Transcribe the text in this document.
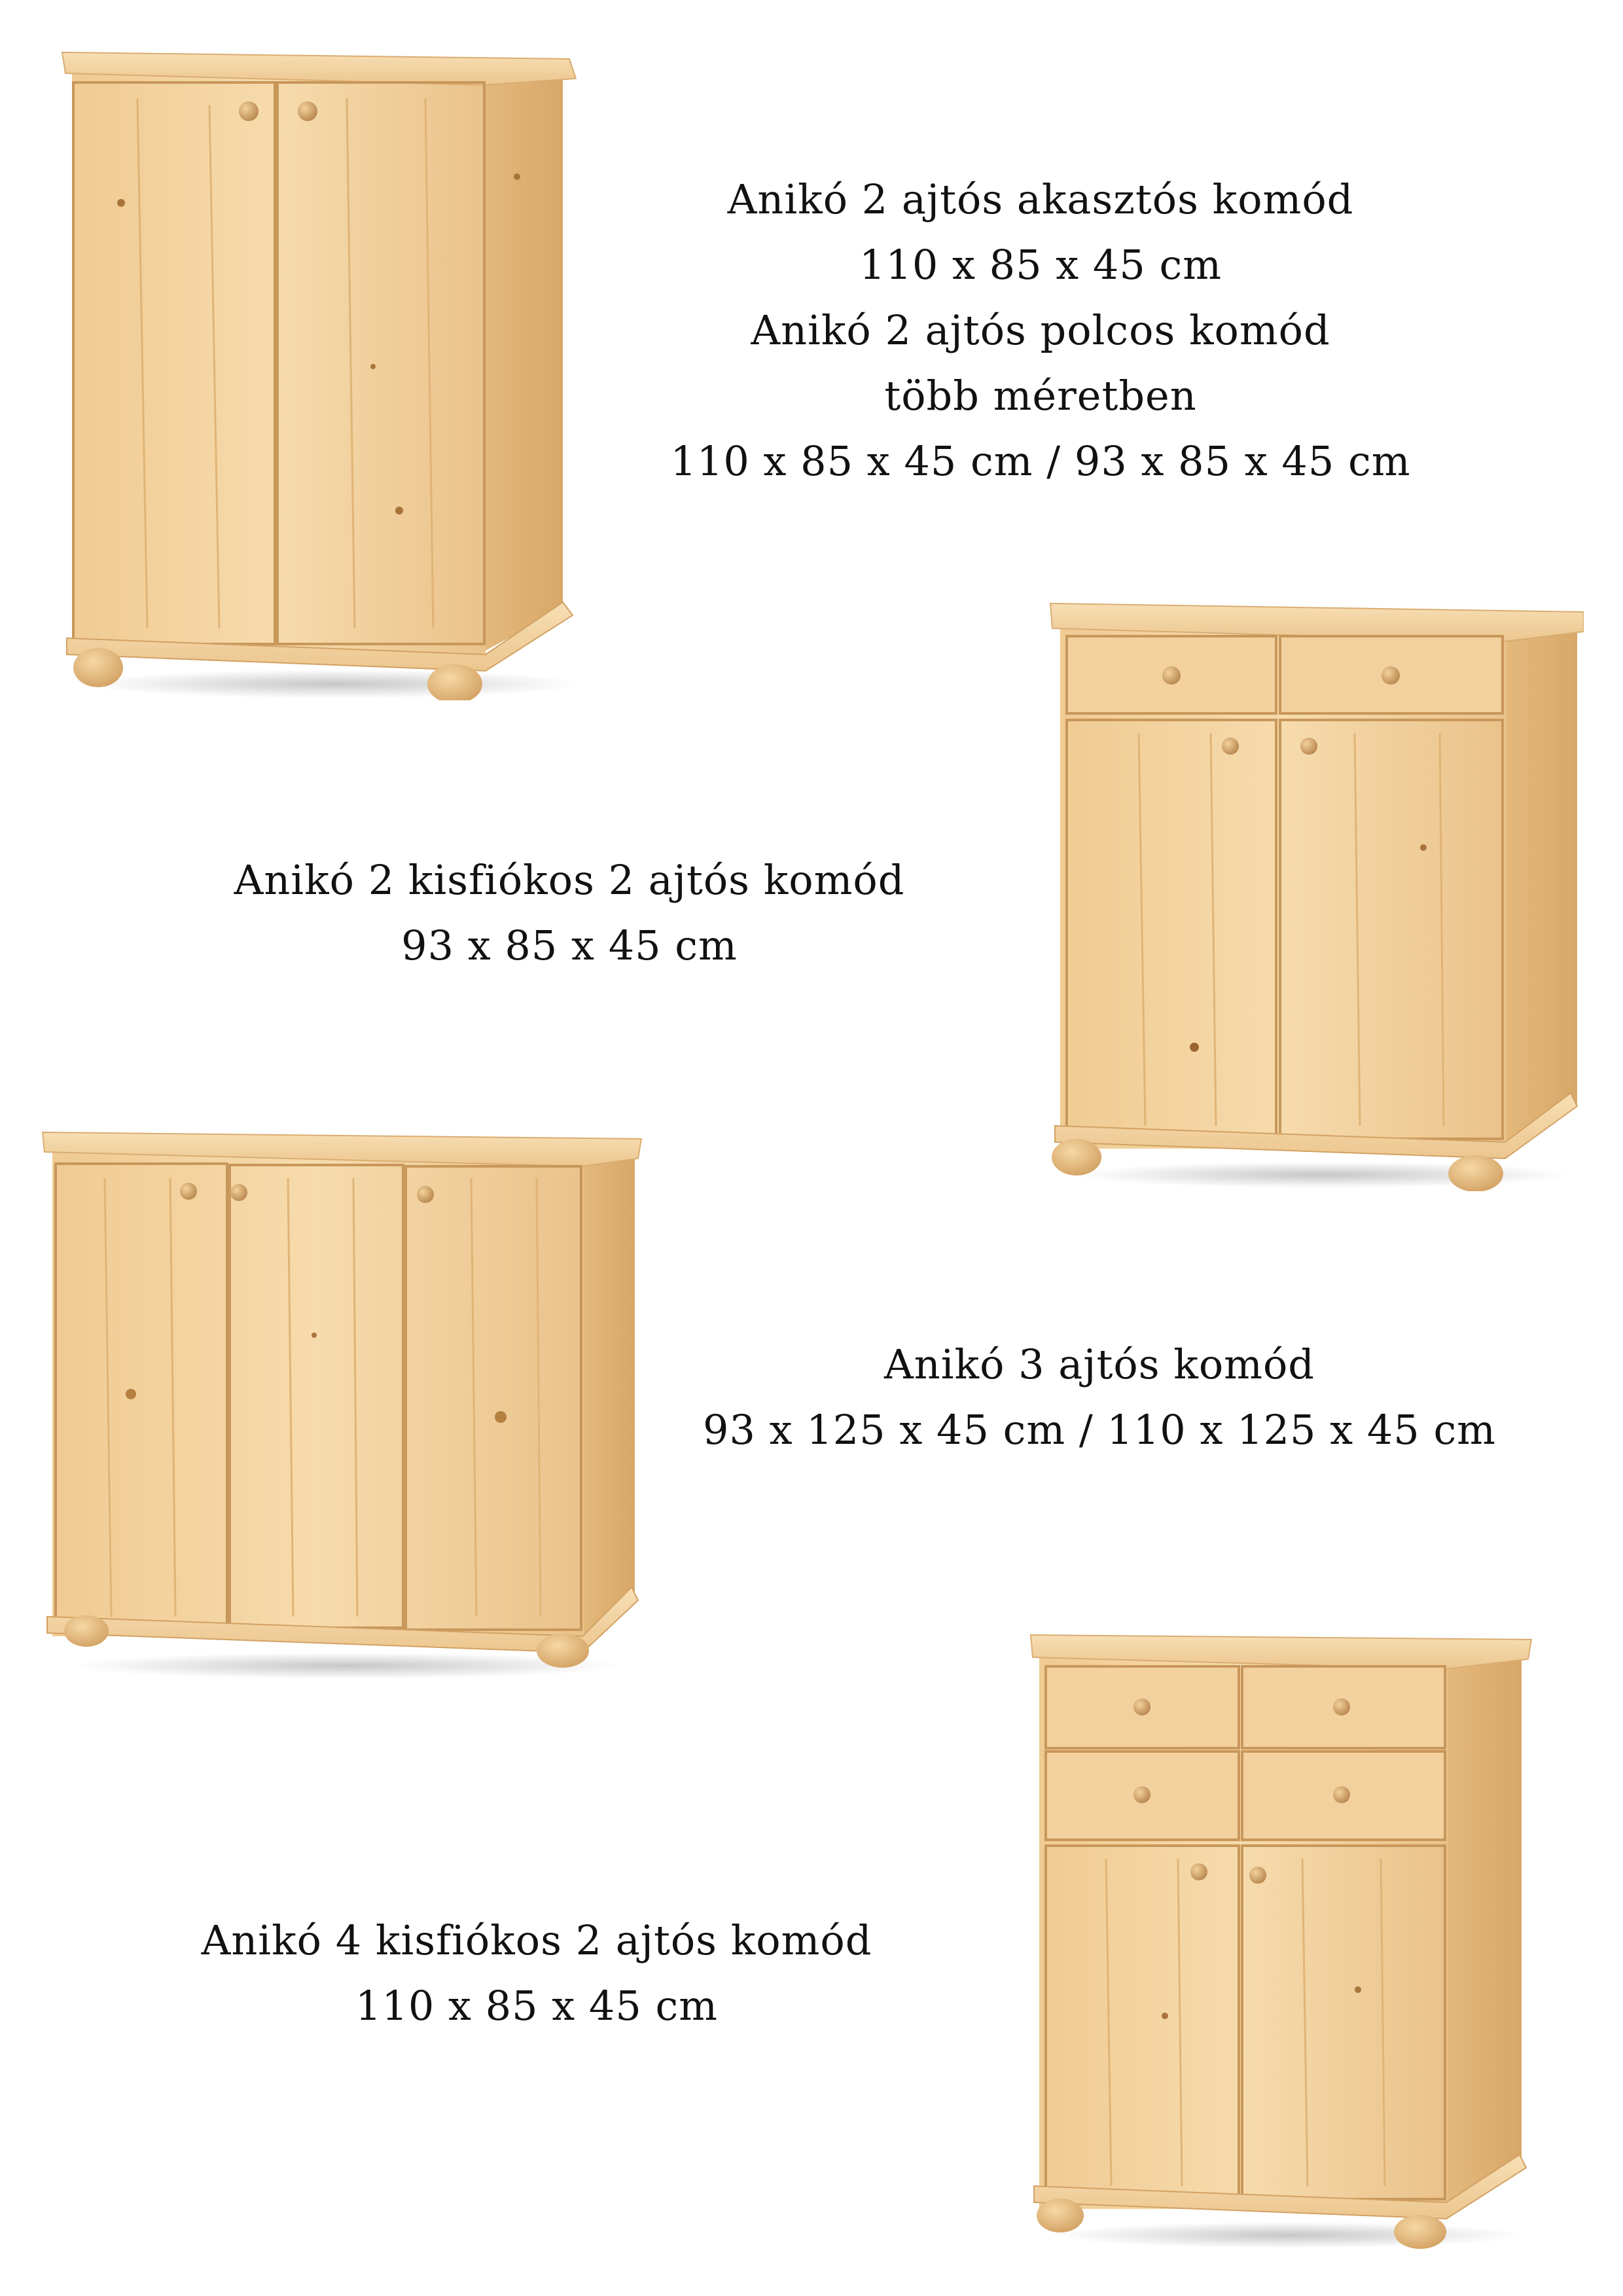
Anikó 2 ajtós akasztós komód
110 x 85 x 45 cm
Anikó 2 ajtós polcos komód
több méretben
110 x 85 x 45 cm / 93 x 85 x 45 cm
Anikó 2 kisfiókos 2 ajtós komód
93 x 85 x 45 cm
Anikó 3 ajtós komód
93 x 125 x 45 cm / 110 x 125 x 45 cm
Anikó 4 kisfiókos 2 ajtós komód
110 x 85 x 45 cm
